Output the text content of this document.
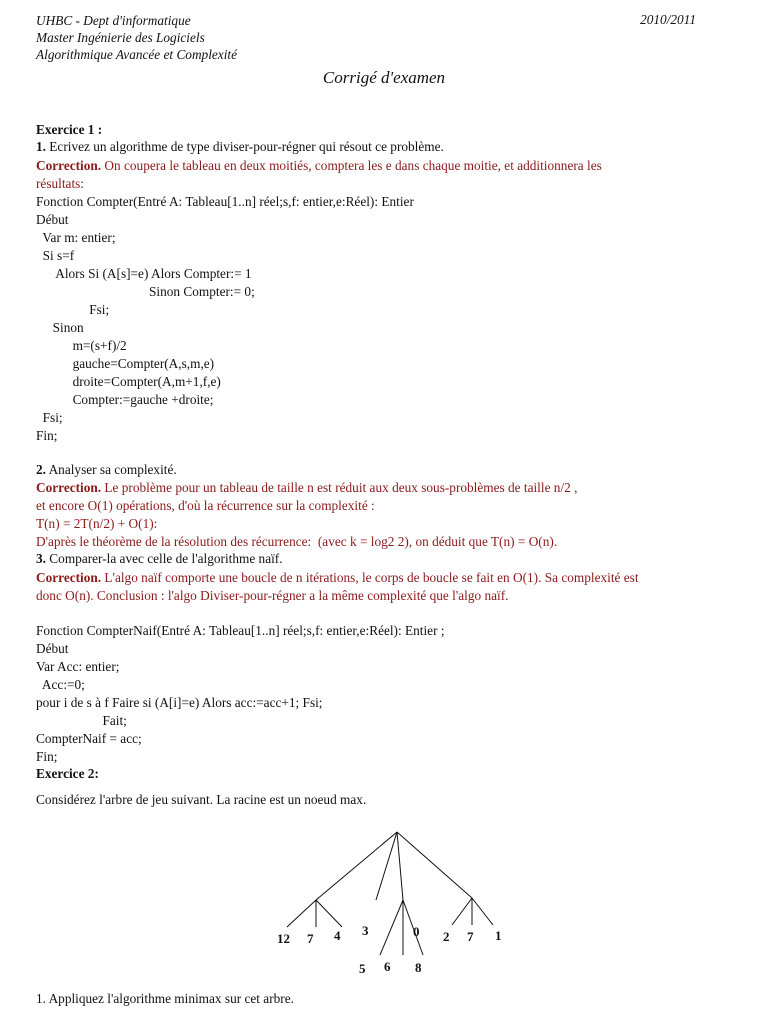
UHBC - Dept d'informatique
Master Ingénierie des Logiciels
Algorithmique Avancée et Complexité
2010/2011
Corrigé d'examen
Exercice 1 :
1. Ecrivez un algorithme de type diviser-pour-régner qui résout ce problème.
Correction. On coupera le tableau en deux moitiés, comptera les e dans chaque moitie, et additionnera les
résultats:
Fonction Compter(Entré A: Tableau[1..n] réel;s,f: entier,e:Réel): Entier
Début
Var m: entier;
Si s=f
Alors Si (A[s]=e) Alors Compter:= 1
Sinon Compter:= 0;
Fsi;
Sinon
m=(s+f)/2
gauche=Compter(A,s,m,e)
droite=Compter(A,m+1,f,e)
Compter:=gauche +droite;
Fsi;
Fin;
2. Analyser sa complexité.
Correction. Le problème pour un tableau de taille n est réduit aux deux sous-problèmes de taille n/2 ,
et encore O(1) opérations, d'où la récurrence sur la complexité :
T(n) = 2T(n/2) + O(1):
D'après le théorème de la résolution des récurrence:  (avec k = log2 2), on déduit que T(n) = O(n).
3. Comparer-la avec celle de l'algorithme naïf.
Correction. L'algo naïf comporte une boucle de n itérations, le corps de boucle se fait en O(1). Sa complexité est
donc O(n). Conclusion : l'algo Diviser-pour-régner a la même complexité que l'algo naïf.
Fonction CompterNaif(Entré A: Tableau[1..n] réel;s,f: entier,e:Réel): Entier ;
Début
Var Acc: entier;
Acc:=0;
pour i de s à f Faire si (A[i]=e) Alors acc:=acc+1; Fsi;
Fait;
CompterNaif = acc;
Fin;
Exercice 2:
Considérez l'arbre de jeu suivant. La racine est un noeud max.
12 7 4 3	0 2 7 1
5 6 8
1. Appliquez l'algorithme minimax sur cet arbre.
